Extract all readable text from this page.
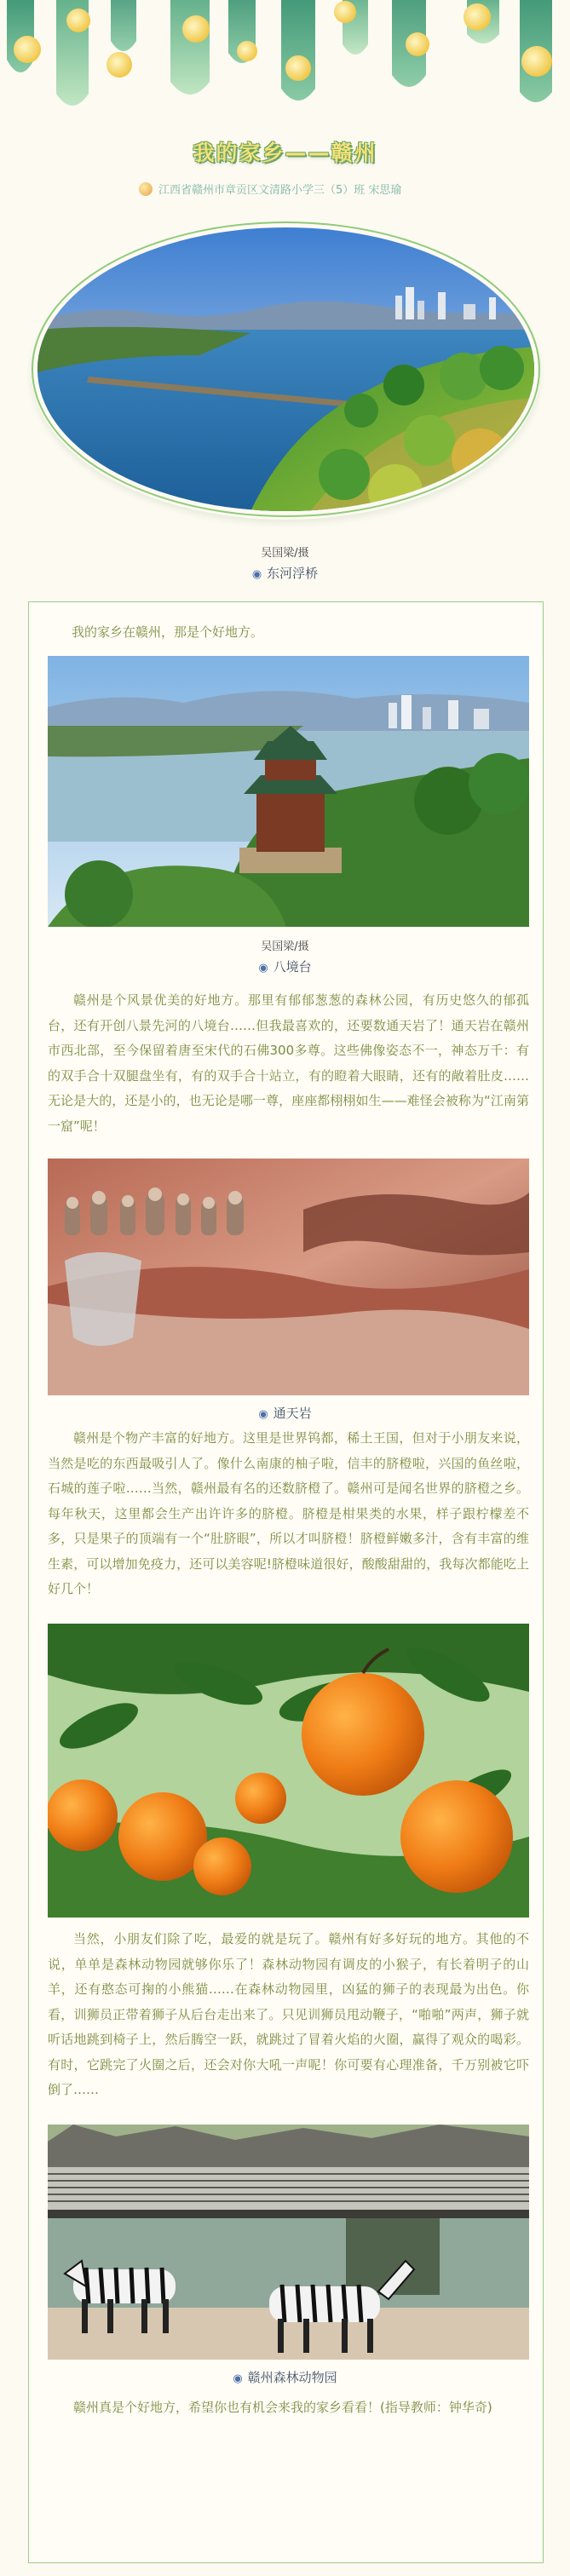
我的家乡——赣州
江西省赣州市章贡区文清路小学三（5）班 宋思瑜
吴国梁/摄
◉ 东河浮桥

我的家乡在赣州，那是个好地方。

吴国梁/摄
◉ 八境台

赣州是个风景优美的好地方。那里有郁郁葱葱的森林公园，有历史悠久的郁孤台，还有开创八景先河的八境台……但我最喜欢的，还要数通天岩了！通天岩在赣州市西北部，至今保留着唐至宋代的石佛300多尊。这些佛像姿态不一，神态万千：有的双手合十双腿盘坐有，有的双手合十站立，有的瞪着大眼睛，还有的敞着肚皮……无论是大的，还是小的，也无论是哪一尊，座座都栩栩如生——难怪会被称为“江南第一窟”呢！

◉ 通天岩

赣州是个物产丰富的好地方。这里是世界钨都，稀土王国，但对于小朋友来说，当然是吃的东西最吸引人了。像什么南康的柚子啦，信丰的脐橙啦，兴国的鱼丝啦，石城的莲子啦……当然，赣州最有名的还数脐橙了。赣州可是闻名世界的脐橙之乡。每年秋天，这里都会生产出许许多的脐橙。脐橙是柑果类的水果，样子跟柠檬差不多，只是果子的顶端有一个“肚脐眼”，所以才叫脐橙！脐橙鲜嫩多汁，含有丰富的维生素，可以增加免疫力，还可以美容呢!脐橙味道很好，酸酸甜甜的，我每次都能吃上好几个！

当然，小朋友们除了吃，最爱的就是玩了。赣州有好多好玩的地方。其他的不说，单单是森林动物园就够你乐了！森林动物园有调皮的小猴子，有长着明子的山羊，还有憨态可掬的小熊猫……在森林动物园里，凶猛的狮子的表现最为出色。你看，训狮员正带着狮子从后台走出来了。只见训狮员甩动鞭子，“啪啪”两声，狮子就听话地跳到椅子上，然后腾空一跃，就跳过了冒着火焰的火圈，赢得了观众的喝彩。有时，它跳完了火圈之后，还会对你大吼一声呢！你可要有心理准备，千万别被它吓倒了……

◉ 赣州森林动物园

赣州真是个好地方，希望你也有机会来我的家乡看看！(指导教师：钟华奇)
